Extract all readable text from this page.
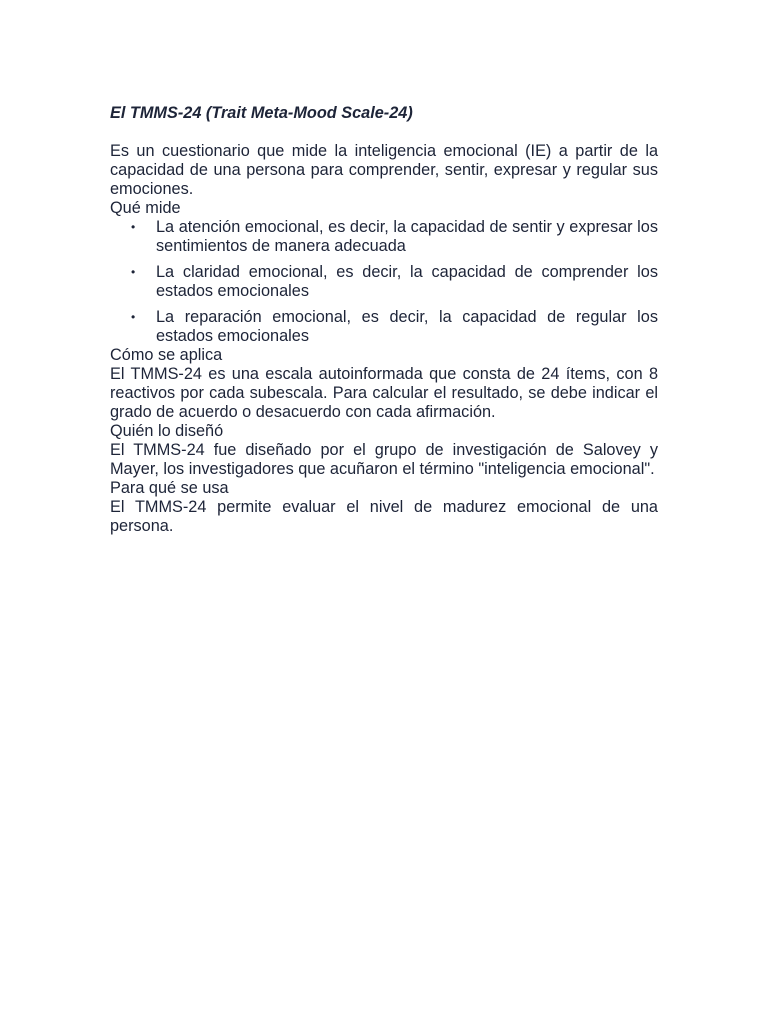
El TMMS-24 (Trait Meta-Mood Scale-24)

Es un cuestionario que mide la inteligencia emocional (IE) a partir de la capacidad de una persona para comprender, sentir, expresar y regular sus emociones.

Qué mide
• La atención emocional, es decir, la capacidad de sentir y expresar los sentimientos de manera adecuada
• La claridad emocional, es decir, la capacidad de comprender los estados emocionales
• La reparación emocional, es decir, la capacidad de regular los estados emocionales
Cómo se aplica

El TMMS-24 es una escala autoinformada que consta de 24 ítems, con 8 reactivos por cada subescala. Para calcular el resultado, se debe indicar el grado de acuerdo o desacuerdo con cada afirmación.

Quién lo diseñó

El TMMS-24 fue diseñado por el grupo de investigación de Salovey y Mayer, los investigadores que acuñaron el término "inteligencia emocional".

Para qué se usa

El TMMS-24 permite evaluar el nivel de madurez emocional de una persona.
